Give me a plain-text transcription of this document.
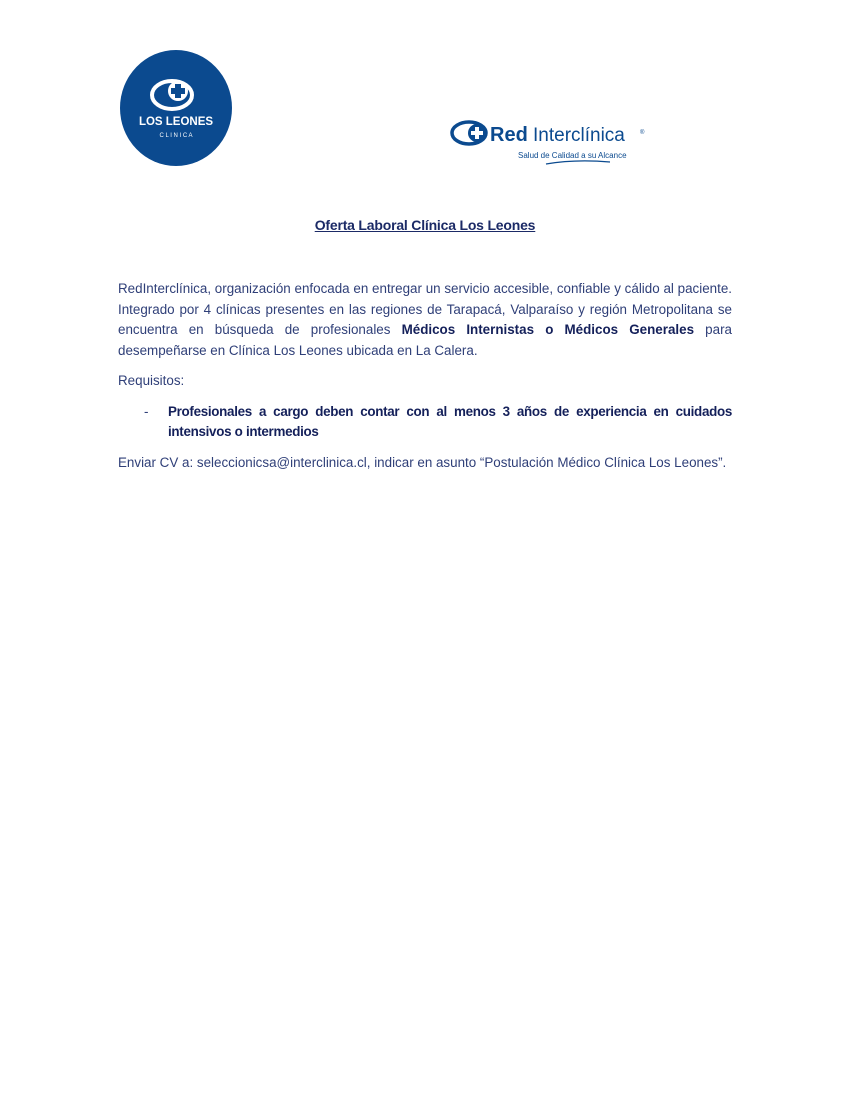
LOS LEONES
C L I N I C A	Red Interclínica	®
Salud de Calidad a su Alcance
Oferta Laboral Clínica Los Leones

RedInterclínica, organización enfocada en entregar un servicio accesible, confiable y cálido al paciente. Integrado por 4 clínicas presentes en las regiones de Tarapacá, Valparaíso y región Metropolitana se encuentra en búsqueda de profesionales Médicos Internistas o Médicos Generales para desempeñarse en Clínica Los Leones ubicada en La Calera.

Requisitos:

-	Profesionales a cargo deben contar con al menos 3 años de experiencia en cuidados intensivos o intermedios

Enviar CV a: seleccionicsa@interclinica.cl, indicar en asunto “Postulación Médico Clínica Los Leones”.
